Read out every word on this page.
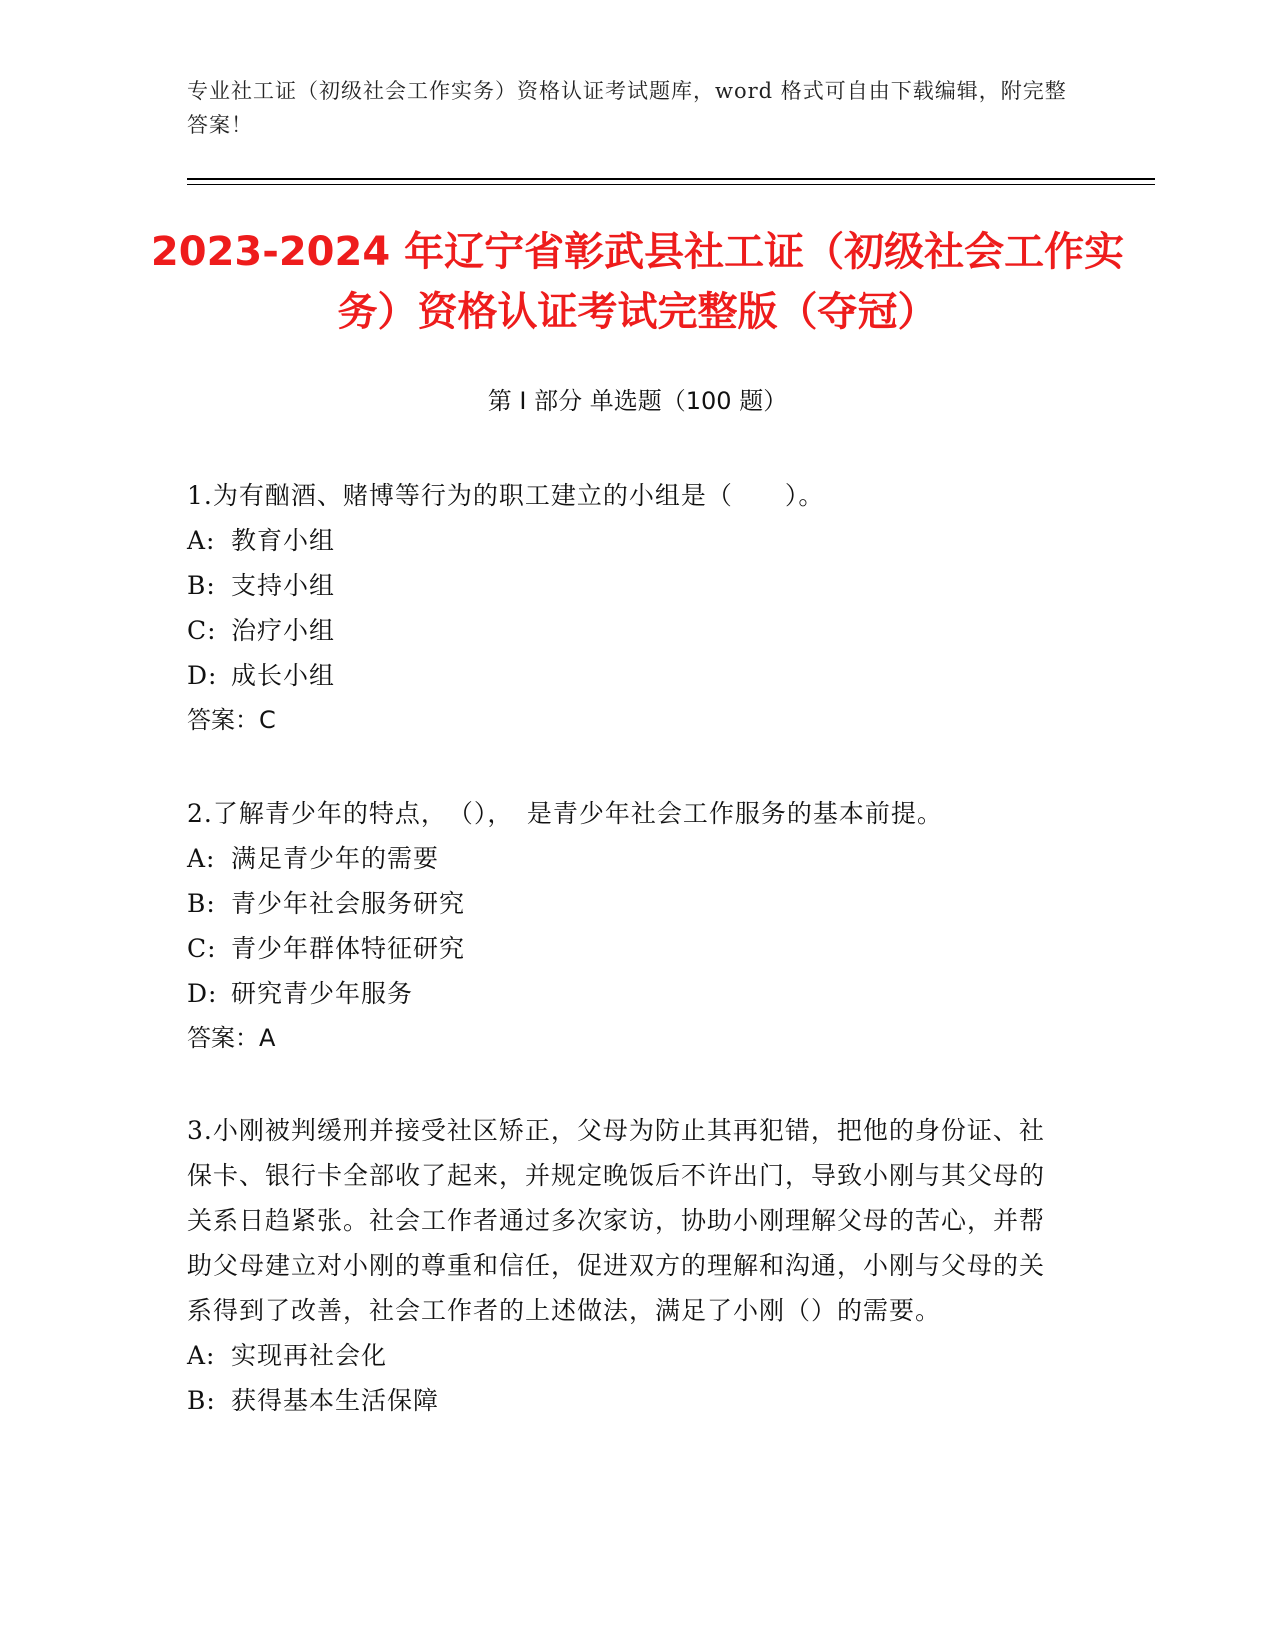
专业社工证（初级社会工作实务）资格认证考试题库，word 格式可自由下载编辑，附完整答案！
2023-2024 年辽宁省彰武县社工证（初级社会工作实务）资格认证考试完整版（夺冠）
第 I 部分 单选题（100 题）
1.为有酗酒、赌博等行为的职工建立的小组是（　　）。
A: 教育小组
B: 支持小组
C: 治疗小组
D: 成长小组
答案：C
2.了解青少年的特点，　（），　是青少年社会工作服务的基本前提。
A: 满足青少年的需要
B: 青少年社会服务研究
C: 青少年群体特征研究
D: 研究青少年服务
答案：A
3.小刚被判缓刑并接受社区矫正，父母为防止其再犯错，把他的身份证、社保卡、银行卡全部收了起来，并规定晚饭后不许出门，导致小刚与其父母的关系日趋紧张。社会工作者通过多次家访，协助小刚理解父母的苦心，并帮助父母建立对小刚的尊重和信任，促进双方的理解和沟通，小刚与父母的关系得到了改善，社会工作者的上述做法，满足了小刚（）的需要。
A: 实现再社会化
B: 获得基本生活保障
